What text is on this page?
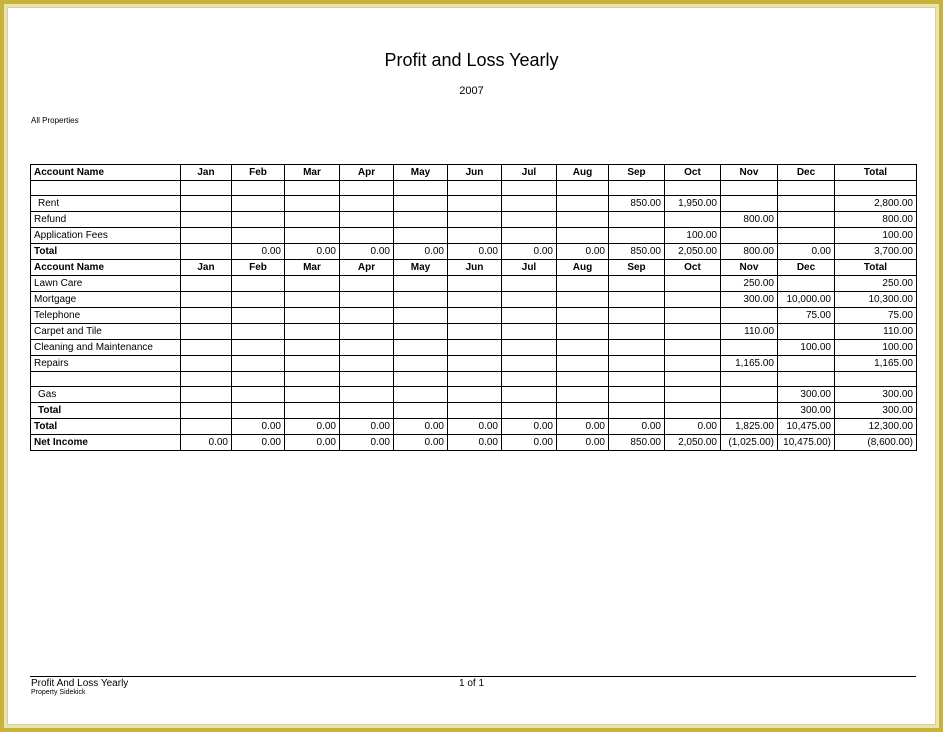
Profit and Loss Yearly
2007
All Properties
Account Name	Jan	Feb	Mar	Apr	May	Jun	Jul	Aug	Sep	Oct	Nov	Dec	Total

Rent									850.00	1,950.00			2,800.00
Refund											800.00		800.00
Application Fees										100.00			100.00
Total		0.00	0.00	0.00	0.00	0.00	0.00	0.00	850.00	2,050.00	800.00	0.00	3,700.00
Account Name	Jan	Feb	Mar	Apr	May	Jun	Jul	Aug	Sep	Oct	Nov	Dec	Total
Lawn Care											250.00		250.00
Mortgage											300.00	10,000.00	10,300.00
Telephone												75.00	75.00
Carpet and Tile											110.00		110.00
Cleaning and Maintenance												100.00	100.00
Repairs											1,165.00		1,165.00

Gas												300.00	300.00
Total												300.00	300.00
Total		0.00	0.00	0.00	0.00	0.00	0.00	0.00	0.00	0.00	1,825.00	10,475.00	12,300.00
Net Income	0.00	0.00	0.00	0.00	0.00	0.00	0.00	0.00	850.00	2,050.00	(1,025.00)	10,475.00)	(8,600.00)
Profit And Loss Yearly
Property Sidekick
1 of 1
